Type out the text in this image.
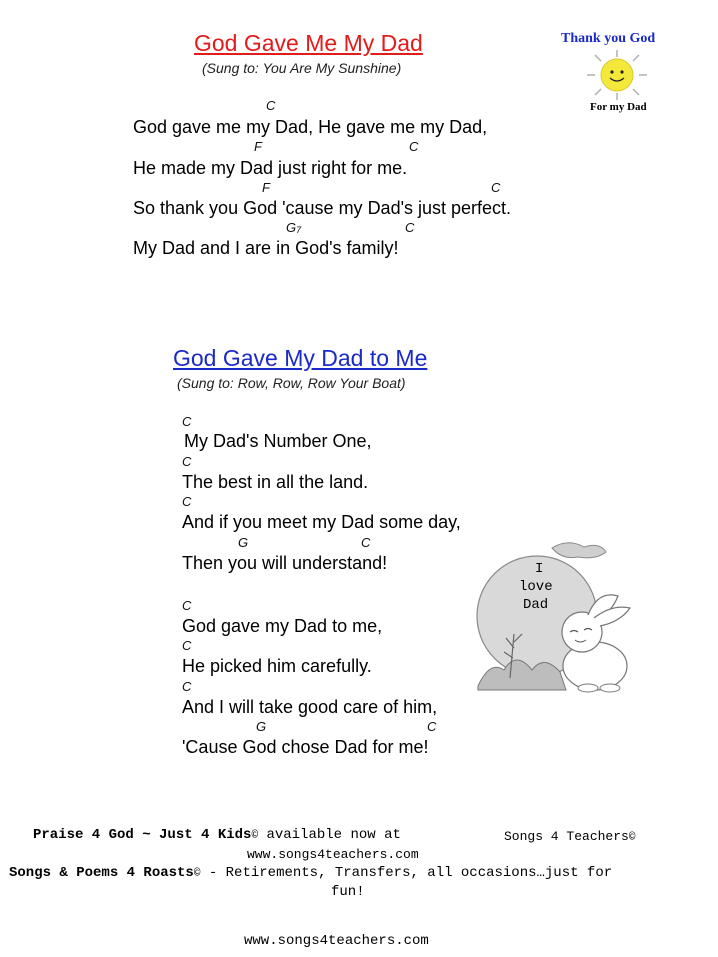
God Gave Me My Dad
(Sung to: You Are My Sunshine)
C
God gave me my Dad, He gave me my Dad,
F	C
He made my Dad just right for me.
F	C
So thank you God 'cause my Dad's just perfect.
$G_7$	C
My Dad and I are in God's family!
Thank you God
For my Dad
God Gave My Dad to Me
(Sung to: Row, Row, Row Your Boat)
C
My Dad's Number One,
C
The best in all the land.
C
And if you meet my Dad some day,
G	C
Then you will understand!
C
God gave my Dad to me,
C
He picked him carefully.
C
And I will take good care of him,
G	C
'Cause God chose Dad for me!
I
love
Dad
Praise 4 God ~ Just 4 Kids© available now at	Songs 4 Teachers©
www.songs4teachers.com
Songs & Poems 4 Roasts© - Retirements, Transfers, all occasions…just for
fun!
www.songs4teachers.com
